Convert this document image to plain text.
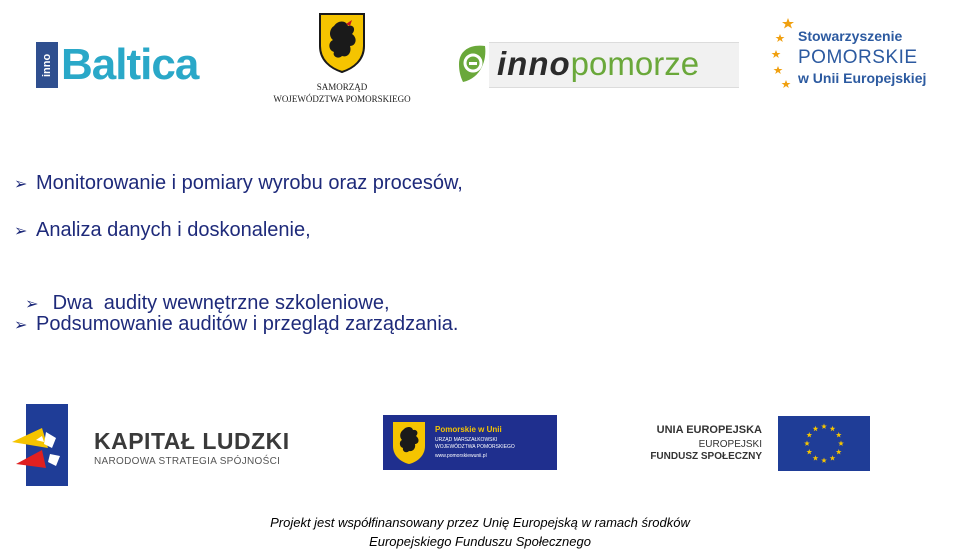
inno Baltica	SAMORZĄD
WOJEWÓDZTWA POMORSKIEGO
innopomorze
Stowarzyszenie
POMORSKIE
w Unii Europejskiej
➢ Monitorowanie i pomiary wyrobu oraz procesów,
➢ Analiza danych i doskonalenie,

➢ Dwa  audity wewnętrzne szkoleniowe,

➢ Podsumowanie auditów i przegląd zarządzania.
KAPITAŁ LUDZKI
NARODOWA STRATEGIA SPÓJNOŚCI
Pomorskie w Unii
URZĄD MARSZAŁKOWSKI
WOJEWÓDZTWA POMORSKIEGO
www.pomorskiewunii.pl
UNIA EUROPEJSKA
EUROPEJSKI
FUNDUSZ SPOŁECZNY
Projekt jest współfinansowany przez Unię Europejską w ramach środków
Europejskiego Funduszu Społecznego
